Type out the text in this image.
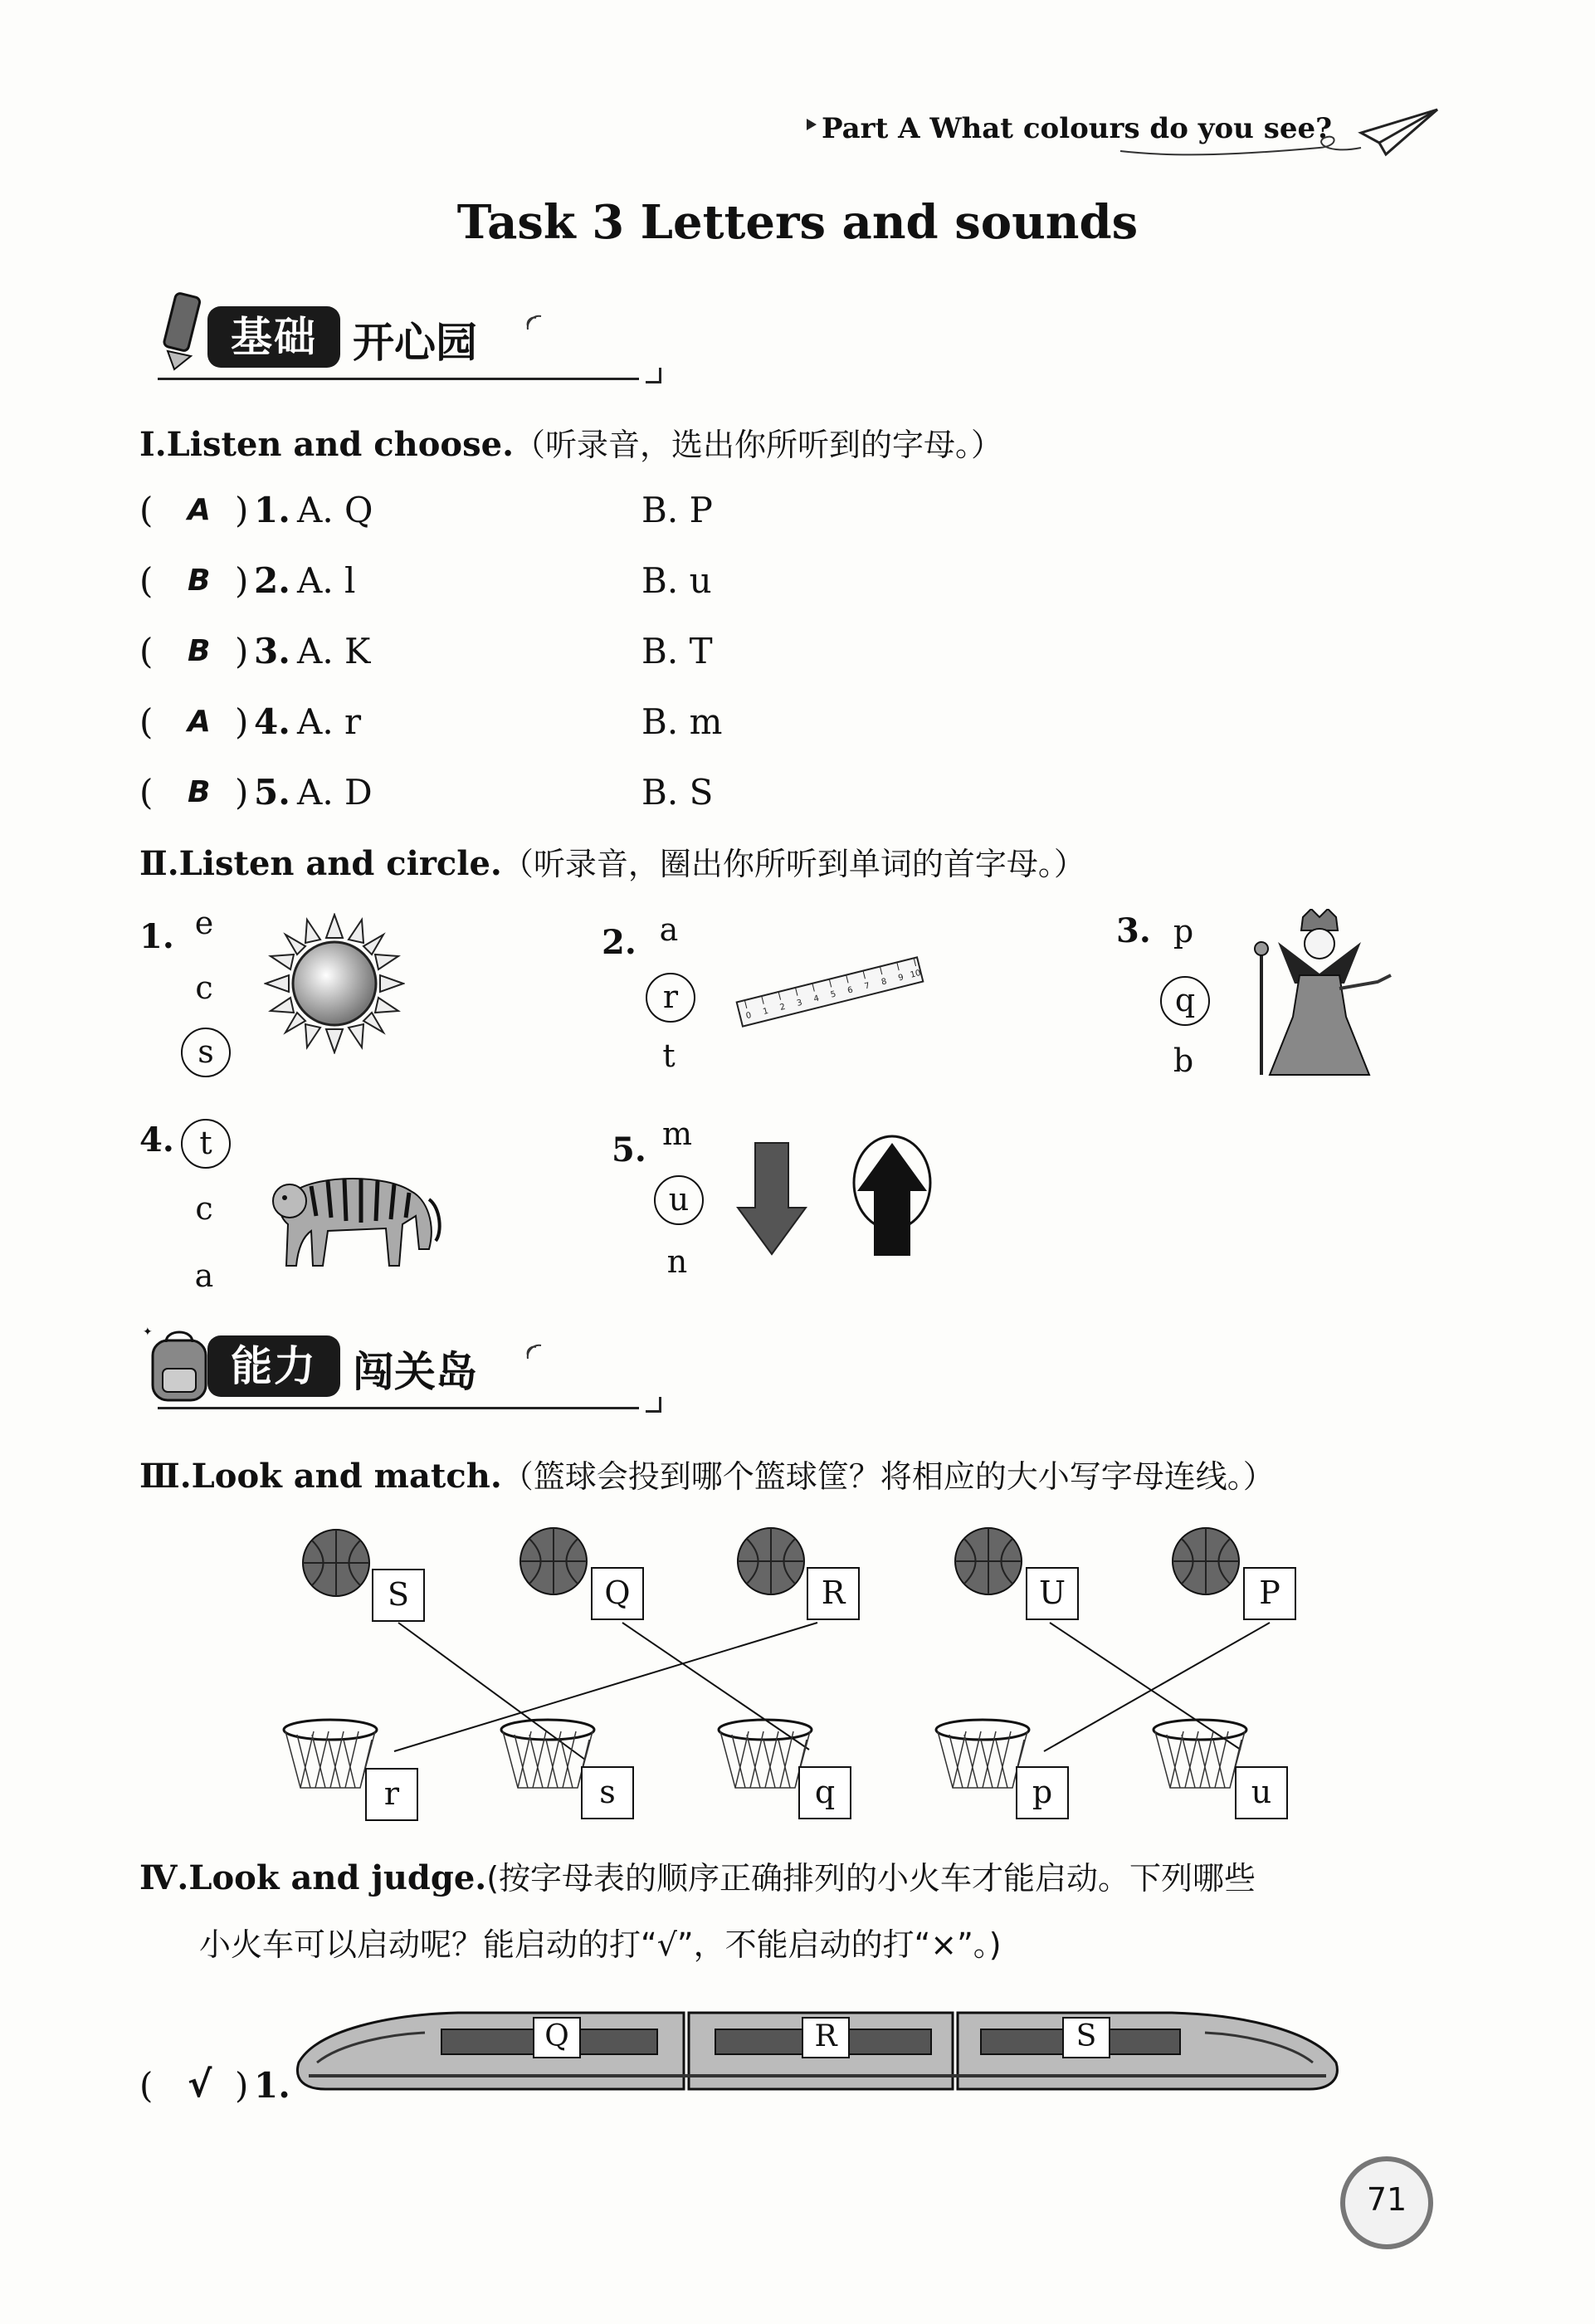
Part A What colours do you see?
Task 3 Letters and sounds
基础 开心园
Ⅰ.Listen and choose.（听录音，选出你所听到的字母。）
( A ) 1. A. Q	B. P
( B ) 2. A. l	B. u
( B ) 3. A. K	B. T
( A ) 4. A. r	B. m
( B ) 5. A. D	B. S
Ⅱ.Listen and circle.（听录音，圈出你所听到单词的首字母。）
1. e
c
s
2. a
r
t
0 1 2 3 4 5 6 7 8 9 10
3. p
q
b
4. t
c
a
5. m
u
n
✦
能力 闯关岛
Ⅲ.Look and match.（篮球会投到哪个篮球筐？将相应的大小写字母连线。）
S	Q	R	U	P
r	s	q	p	u
Ⅳ.Look and judge.(按字母表的顺序正确排列的小火车才能启动。下列哪些
小火车可以启动呢？能启动的打“√”，不能启动的打“×”。)
( √ ) 1.
Q	R	S
71
